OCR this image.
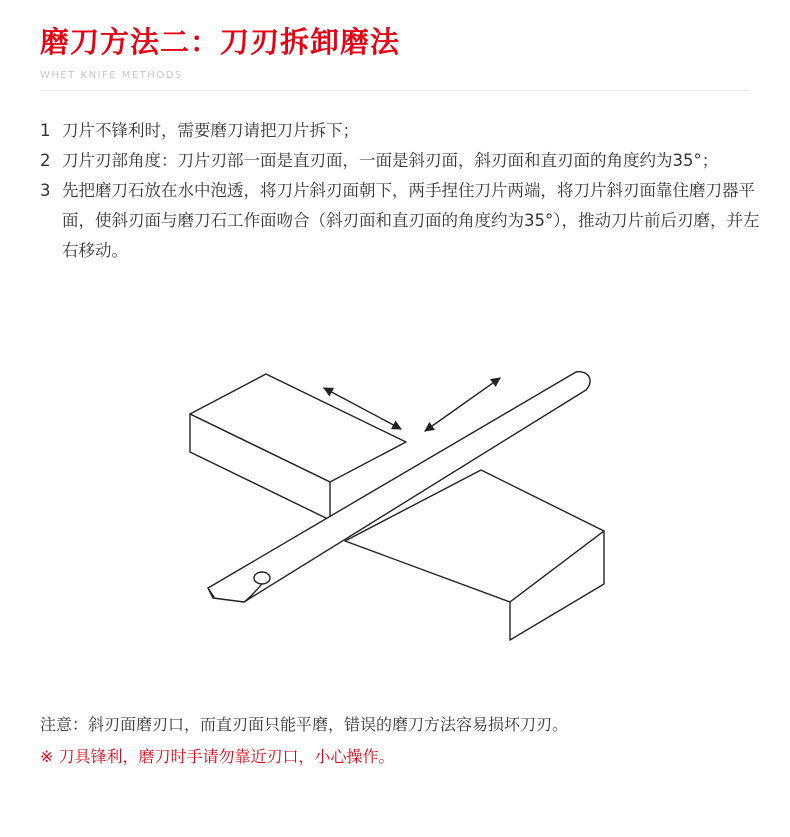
磨刀方法二：刀刃拆卸磨法
WHET KNIFE METHODS
1 刀片不锋利时，需要磨刀请把刀片拆下；
2 刀片刃部角度：刀片刃部一面是直刃面，一面是斜刃面，斜刃面和直刃面的角度约为35°；
3 先把磨刀石放在水中泡透，将刀片斜刃面朝下，两手捏住刀片两端，将刀片斜刃面靠住磨刀器平面，使斜刃面与磨刀石工作面吻合（斜刃面和直刃面的角度约为35°），推动刀片前后刃磨，并左右移动。
注意：斜刃面磨刃口，而直刃面只能平磨，错误的磨刀方法容易损坏刀刃。
※ 刀具锋利，磨刀时手请勿靠近刃口，小心操作。
